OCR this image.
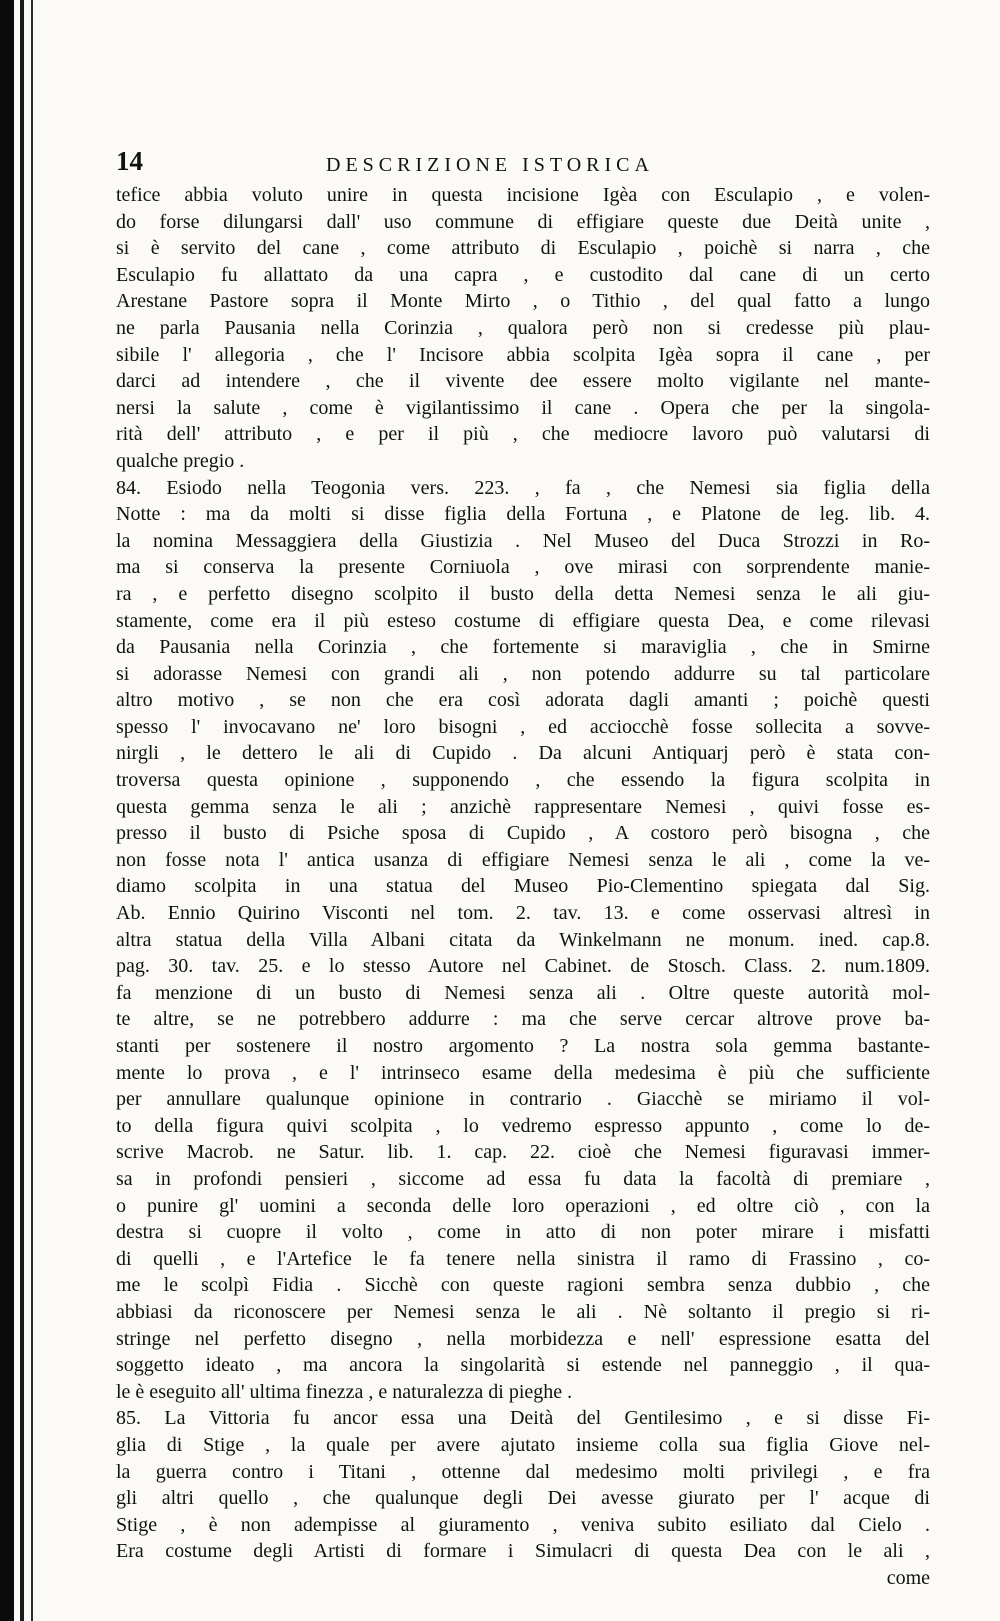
14	DESCRIZIONE ISTORICA
tefice abbia voluto unire in questa incisione Igèa con Esculapio , e volen-
do forse dilungarsi dall' uso commune di effigiare queste due Deità unite ,
si è servito del cane , come attributo di Esculapio , poichè si narra , che
Esculapio fu allattato da una capra , e custodito dal cane di un certo
Arestane Pastore sopra il Monte Mirto , o Tithio , del qual fatto a lungo
ne parla Pausania nella Corinzia , qualora però non si credesse più plau-
sibile l' allegoria , che l' Incisore abbia scolpita Igèa sopra il cane , per
darci ad intendere , che il vivente dee essere molto vigilante nel mante-
nersi la salute , come è vigilantissimo il cane . Opera che per la singola-
rità dell' attributo , e per il più , che mediocre lavoro può valutarsi di
qualche pregio .
84. Esiodo nella Teogonia vers. 223. , fa , che Nemesi sia figlia della
Notte : ma da molti si disse figlia della Fortuna , e Platone de leg. lib. 4.
la nomina Messaggiera della Giustizia . Nel Museo del Duca Strozzi in Ro-
ma si conserva la presente Corniuola , ove mirasi con sorprendente manie-
ra , e perfetto disegno scolpito il busto della detta Nemesi senza le ali giu-
stamente, come era il più esteso costume di effigiare questa Dea, e come rilevasi
da Pausania nella Corinzia , che fortemente si maraviglia , che in Smirne
si adorasse Nemesi con grandi ali , non potendo addurre su tal particolare
altro motivo , se non che era così adorata dagli amanti ; poichè questi
spesso l' invocavano ne' loro bisogni , ed acciocchè fosse sollecita a sovve-
nirgli , le dettero le ali di Cupido . Da alcuni Antiquarj però è stata con-
troversa questa opinione , supponendo , che essendo la figura scolpita in
questa gemma senza le ali ; anzichè rappresentare Nemesi , quivi fosse es-
presso il busto di Psiche sposa di Cupido , A costoro però bisogna , che
non fosse nota l' antica usanza di effigiare Nemesi senza le ali , come la ve-
diamo scolpita in una statua del Museo Pio-Clementino spiegata dal Sig.
Ab. Ennio Quirino Visconti nel tom. 2. tav. 13. e come osservasi altresì in
altra statua della Villa Albani citata da Winkelmann ne monum. ined. cap.8.
pag. 30. tav. 25. e lo stesso Autore nel Cabinet. de Stosch. Class. 2. num.1809.
fa menzione di un busto di Nemesi senza ali . Oltre queste autorità mol-
te altre, se ne potrebbero addurre : ma che serve cercar altrove prove ba-
stanti per sostenere il nostro argomento ? La nostra sola gemma bastante-
mente lo prova , e l' intrinseco esame della medesima è più che sufficiente
per annullare qualunque opinione in contrario . Giacchè se miriamo il vol-
to della figura quivi scolpita , lo vedremo espresso appunto , come lo de-
scrive Macrob. ne Satur. lib. 1. cap. 22. cioè che Nemesi figuravasi immer-
sa in profondi pensieri , siccome ad essa fu data la facoltà di premiare ,
o punire gl' uomini a seconda delle loro operazioni , ed oltre ciò , con la
destra si cuopre il volto , come in atto di non poter mirare i misfatti
di quelli , e l'Artefice le fa tenere nella sinistra il ramo di Frassino , co-
me le scolpì Fidia . Sicchè con queste ragioni sembra senza dubbio , che
abbiasi da riconoscere per Nemesi senza le ali . Nè soltanto il pregio si ri-
stringe nel perfetto disegno , nella morbidezza e nell' espressione esatta del
soggetto ideato , ma ancora la singolarità si estende nel panneggio , il qua-
le è eseguito all' ultima finezza , e naturalezza di pieghe .
85. La Vittoria fu ancor essa una Deità del Gentilesimo , e si disse Fi-
glia di Stige , la quale per avere ajutato insieme colla sua figlia Giove nel-
la guerra contro i Titani , ottenne dal medesimo molti privilegi , e fra
gli altri quello , che qualunque degli Dei avesse giurato per l' acque di
Stige , è non adempisse al giuramento , veniva subito esiliato dal Cielo .
Era costume degli Artisti di formare i Simulacri di questa Dea con le ali ,
come
